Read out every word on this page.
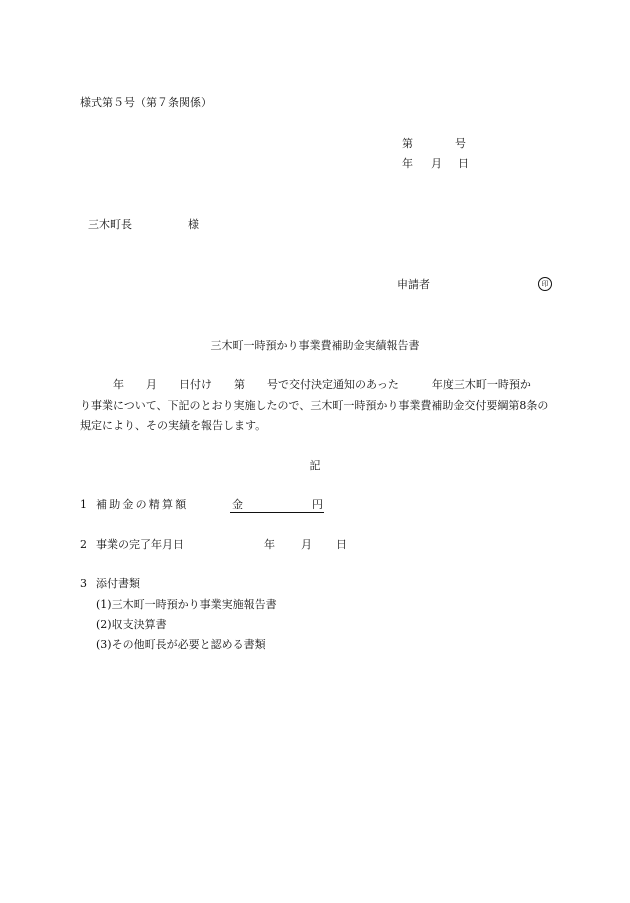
様式第５号（第７条関係）
第	号
年 月 日
三木町長	様
申請者	印
三木町一時預かり事業費補助金実績報告書
　　　年　　月　　日付け　　第　　号で交付決定通知のあった　　　年度三木町一時預か
り事業について、下記のとおり実施したので、三木町一時預かり事業費補助金交付要綱第8条の
規定により、その実績を報告します。
記
1 補助金の精算額	金	円
2 事業の完了年月日	年 月 日
3 添付書類
(1)三木町一時預かり事業実施報告書
(2)収支決算書
(3)その他町長が必要と認める書類
